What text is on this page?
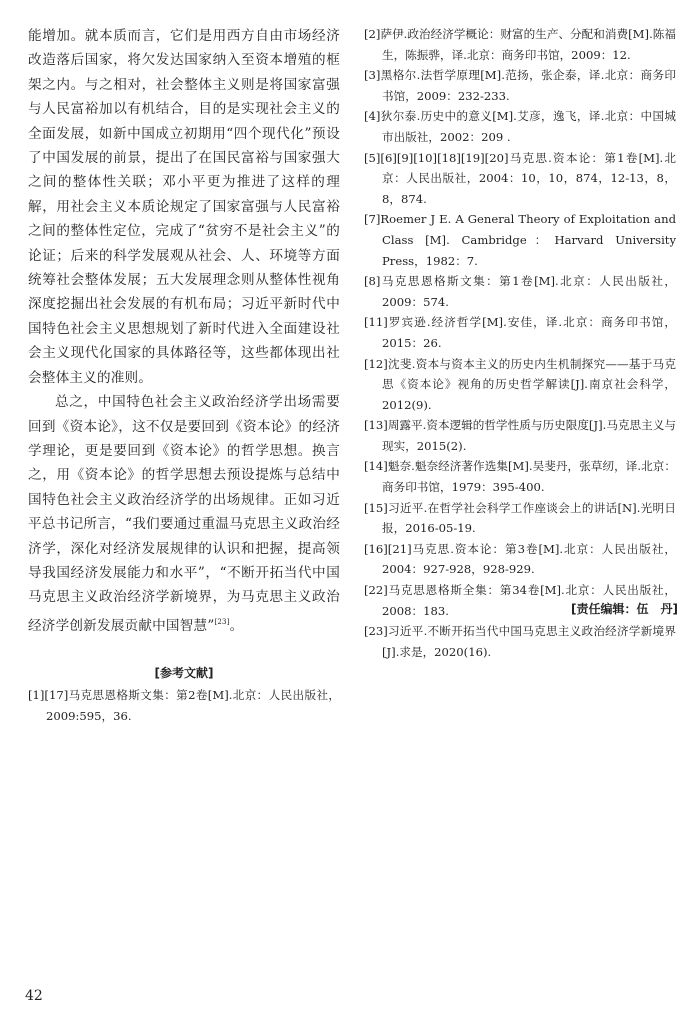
能增加。就本质而言，它们是用西方自由市场经济改造落后国家，将欠发达国家纳入至资本增殖的框架之内。与之相对，社会整体主义则是将国家富强与人民富裕加以有机结合，目的是实现社会主义的全面发展，如新中国成立初期用“四个现代化”预设了中国发展的前景，提出了在国民富裕与国家强大之间的整体性关联；邓小平更为推进了这样的理解，用社会主义本质论规定了国家富强与人民富裕之间的整体性定位，完成了“贫穷不是社会主义”的论证；后来的科学发展观从社会、人、环境等方面统筹社会整体发展；五大发展理念则从整体性视角深度挖掘出社会发展的有机布局；习近平新时代中国特色社会主义思想规划了新时代进入全面建设社会主义现代化国家的具体路径等，这些都体现出社会整体主义的准则。

总之，中国特色社会主义政治经济学出场需要回到《资本论》，这不仅是要回到《资本论》的经济学理论，更是要回到《资本论》的哲学思想。换言之，用《资本论》的哲学思想去预设提炼与总结中国特色社会主义政治经济学的出场规律。正如习近平总书记所言，“我们要通过重温马克思主义政治经济学，深化对经济发展规律的认识和把握，提高领导我国经济发展能力和水平”，“不断开拓当代中国马克思主义政治经济学新境界，为马克思主义政治经济学创新发展贡献中国智慧”[23]。

[参考文献]

[1][17]马克思恩格斯文集：第2卷[M].北京：人民出版社，2009:595，36.

[2]萨伊.政治经济学概论：财富的生产、分配和消费[M].陈福生，陈振骅，译.北京：商务印书馆，2009：12.

[3]黑格尔.法哲学原理[M].范扬，张企泰，译.北京：商务印书馆，2009：232-233.

[4]狄尔泰.历史中的意义[M].艾彦，逸飞，译.北京：中国城市出版社，2002：209 .

[5][6][9][10][18][19][20]马克思.资本论：第1卷[M].北京：人民出版社，2004：10，10，874，12-13，8，8，874.

[7]Roemer J E. A General Theory of Exploitation and Class [M]. Cambridge：Harvard University Press，1982：7.

[8]马克思恩格斯文集：第1卷[M].北京：人民出版社，2009：574.

[11]罗宾逊.经济哲学[M].安佳，译.北京：商务印书馆，2015：26.

[12]沈斐.资本与资本主义的历史内生机制探究——基于马克思《资本论》视角的历史哲学解读[J].南京社会科学，2012(9).

[13]周露平.资本逻辑的哲学性质与历史限度[J].马克思主义与现实，2015(2).

[14]魁奈.魁奈经济著作选集[M].吴斐丹，张草纫，译.北京：商务印书馆，1979：395-400.

[15]习近平.在哲学社会科学工作座谈会上的讲话[N].光明日报，2016-05-19.

[16][21]马克思.资本论：第3卷[M].北京：人民出版社，2004：927-928，928-929.

[22]马克思恩格斯全集：第34卷[M].北京：人民出版社，2008：183.

[23]习近平.不断开拓当代中国马克思主义政治经济学新境界[J].求是，2020(16).

[责任编辑：伍　丹]
42
